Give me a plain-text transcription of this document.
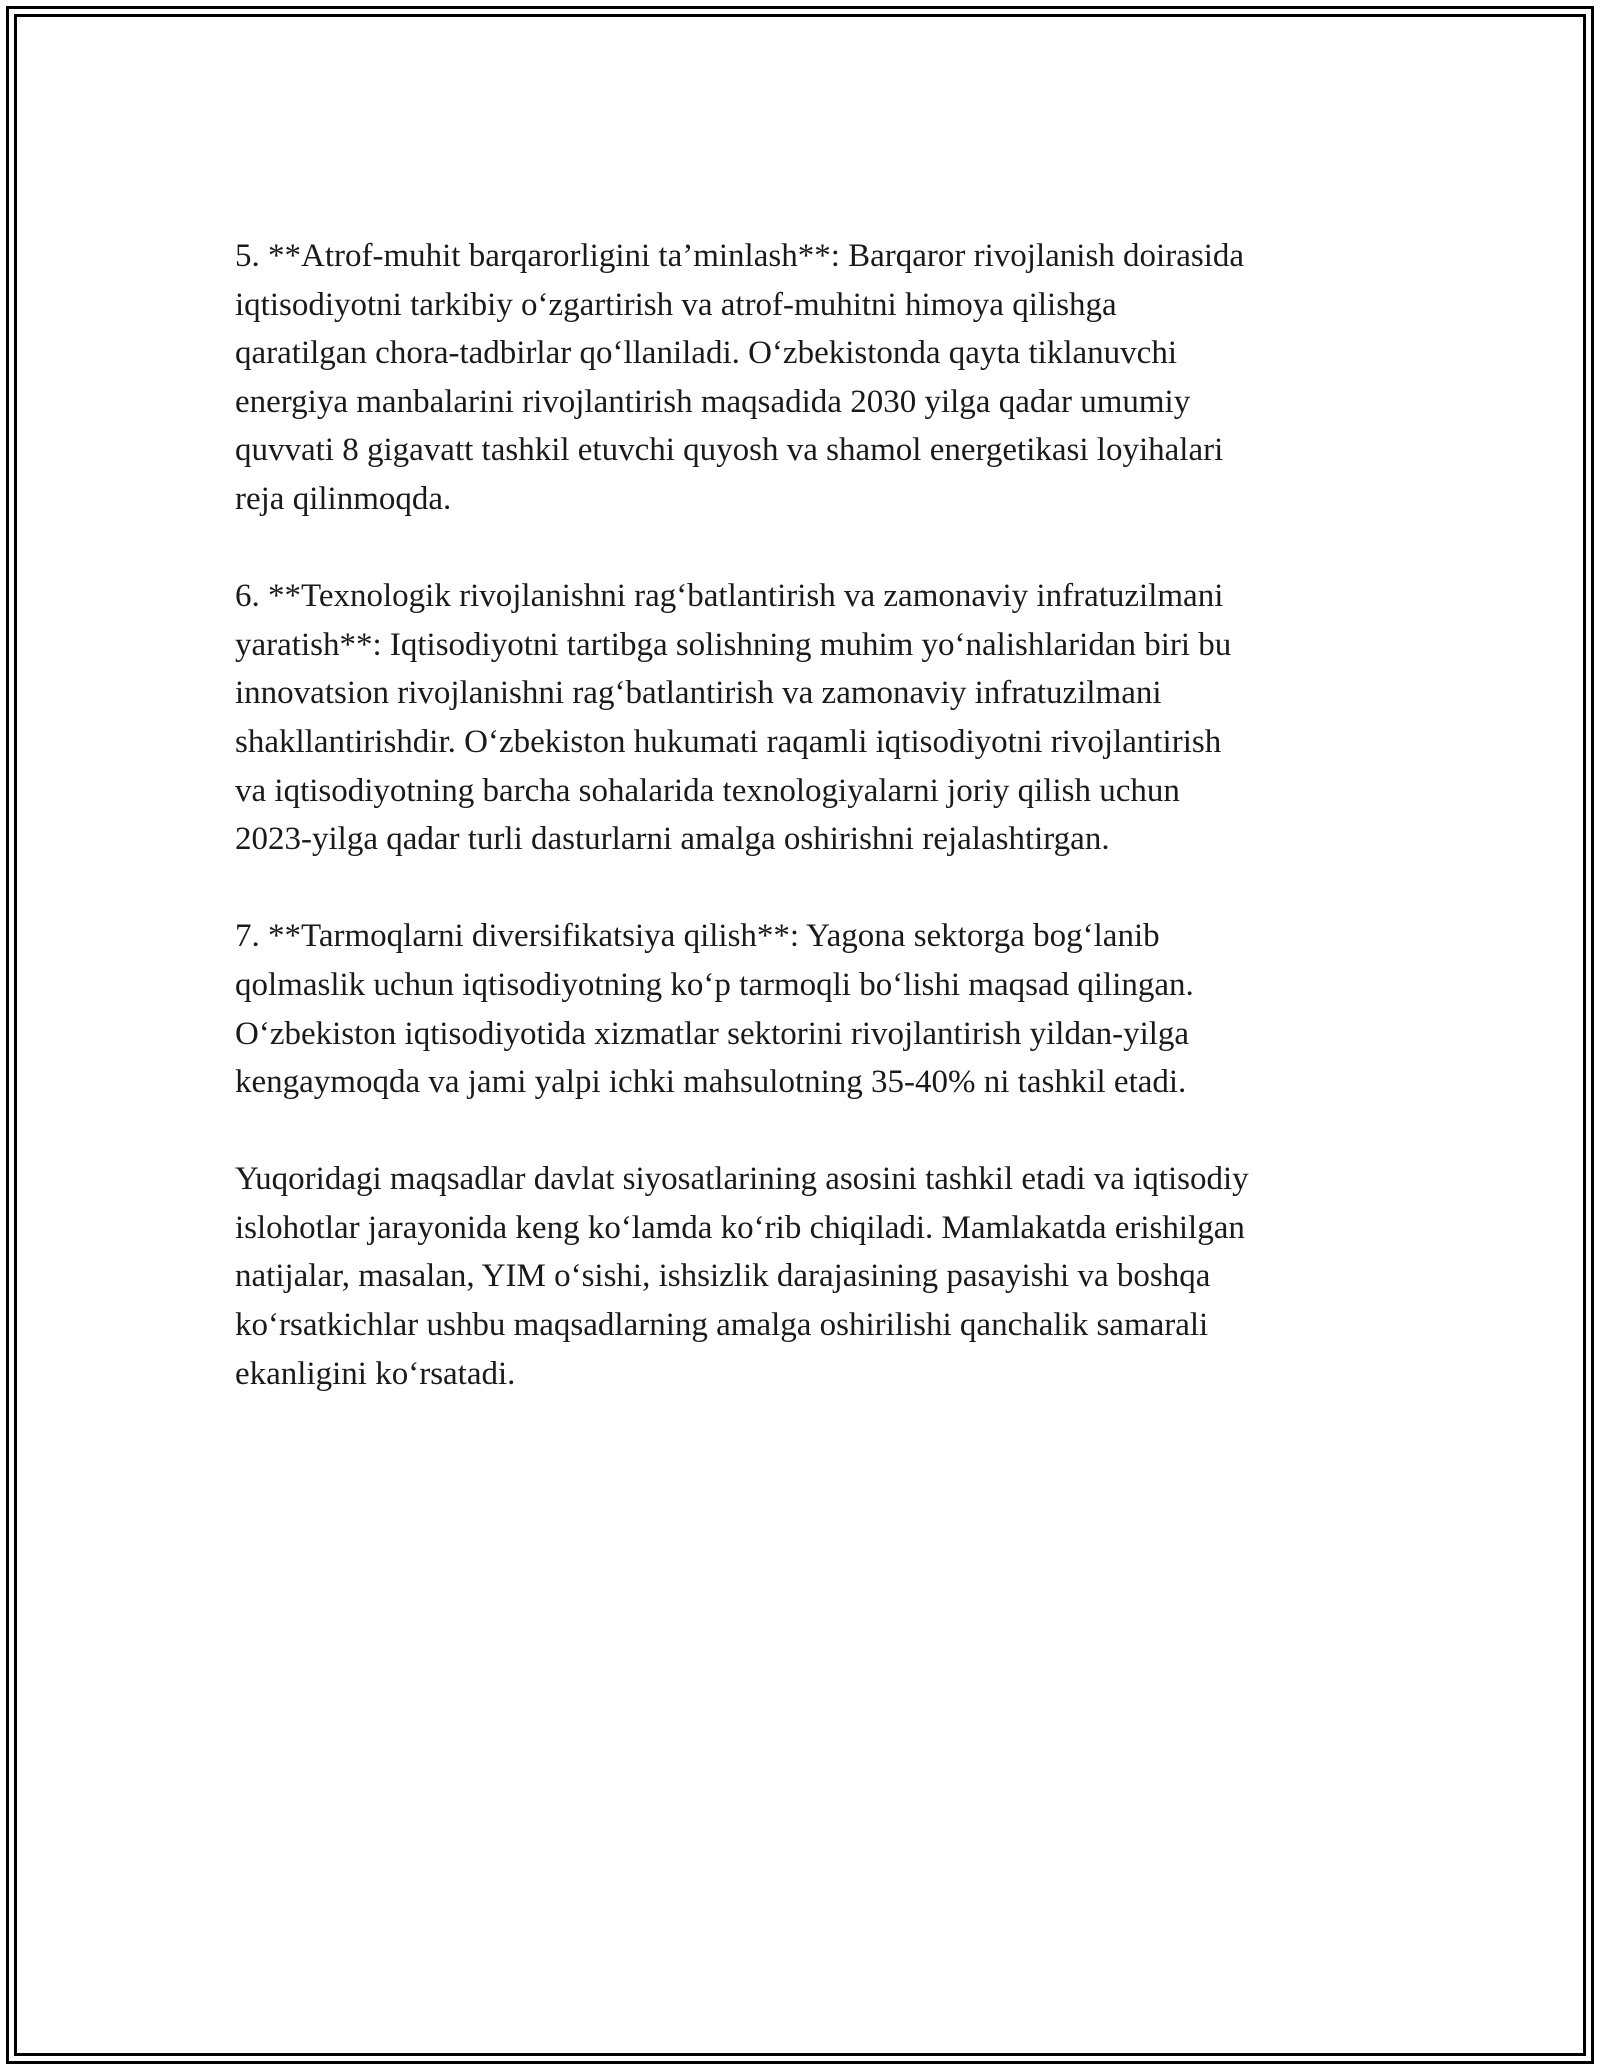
5. **Atrof-muhit barqarorligini ta’minlash**: Barqaror rivojlanish doirasida
iqtisodiyotni tarkibiy o‘zgartirish va atrof-muhitni himoya qilishga
qaratilgan chora-tadbirlar qo‘llaniladi. O‘zbekistonda qayta tiklanuvchi
energiya manbalarini rivojlantirish maqsadida 2030 yilga qadar umumiy
quvvati 8 gigavatt tashkil etuvchi quyosh va shamol energetikasi loyihalari
reja qilinmoqda.

6. **Texnologik rivojlanishni rag‘batlantirish va zamonaviy infratuzilmani
yaratish**: Iqtisodiyotni tartibga solishning muhim yo‘nalishlaridan biri bu
innovatsion rivojlanishni rag‘batlantirish va zamonaviy infratuzilmani
shakllantirishdir. O‘zbekiston hukumati raqamli iqtisodiyotni rivojlantirish
va iqtisodiyotning barcha sohalarida texnologiyalarni joriy qilish uchun
2023-yilga qadar turli dasturlarni amalga oshirishni rejalashtirgan.

7. **Tarmoqlarni diversifikatsiya qilish**: Yagona sektorga bog‘lanib
qolmaslik uchun iqtisodiyotning ko‘p tarmoqli bo‘lishi maqsad qilingan.
O‘zbekiston iqtisodiyotida xizmatlar sektorini rivojlantirish yildan-yilga
kengaymoqda va jami yalpi ichki mahsulotning 35-40% ni tashkil etadi.

Yuqoridagi maqsadlar davlat siyosatlarining asosini tashkil etadi va iqtisodiy
islohotlar jarayonida keng ko‘lamda ko‘rib chiqiladi. Mamlakatda erishilgan
natijalar, masalan, YIM o‘sishi, ishsizlik darajasining pasayishi va boshqa
ko‘rsatkichlar ushbu maqsadlarning amalga oshirilishi qanchalik samarali
ekanligini ko‘rsatadi.
